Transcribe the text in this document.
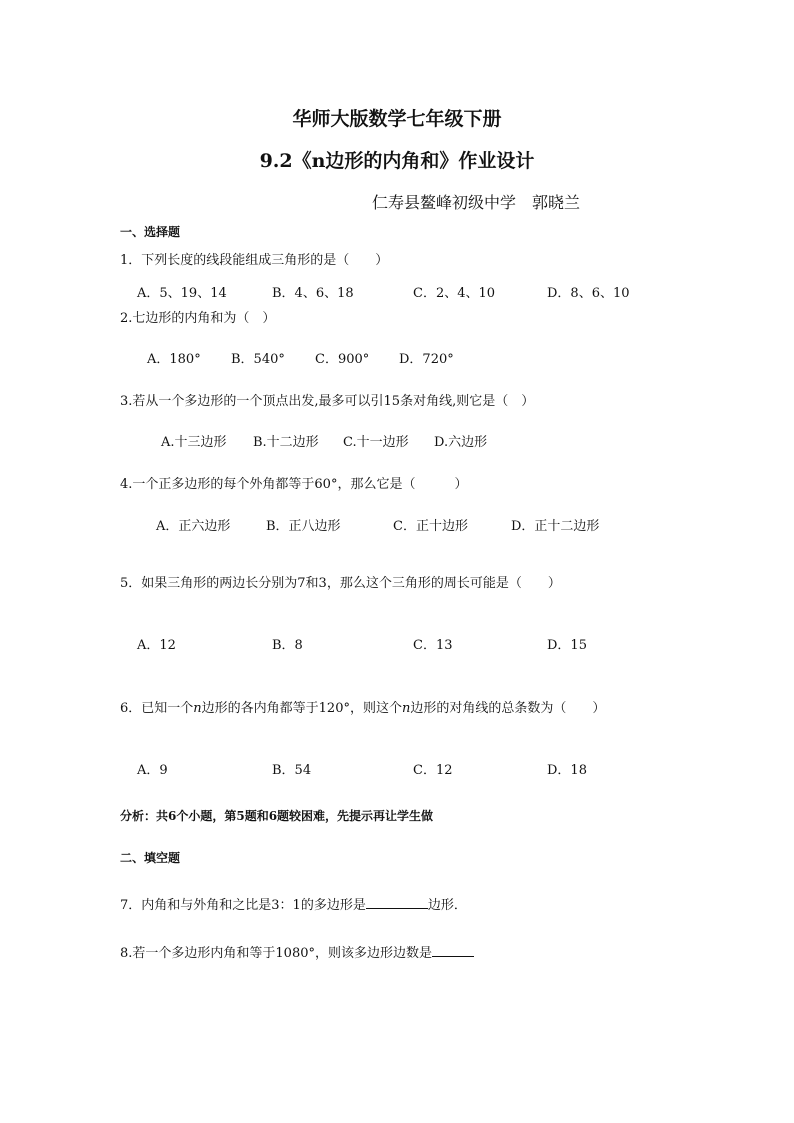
华师大版数学七年级下册
9.2《n边形的内角和》作业设计
仁寿县鳌峰初级中学　郭晓兰
一、选择题
1．下列长度的线段能组成三角形的是（　　）
A．5、19、14	B．4、6、18	C．2、4、10	D．8、6、10
2.七边形的内角和为（　）
A．180° B．540° C．900° D．720°
3.若从一个多边形的一个顶点出发,最多可以引15条对角线,则它是（　）
A.十三边形 B.十二边形 C.十一边形 D.六边形
4.一个正多边形的每个外角都等于60°，那么它是（　　　）
A．正六边形	B．正八边形	C．正十边形	D．正十二边形
5．如果三角形的两边长分别为7和3，那么这个三角形的周长可能是（　　）
A．12	B．8	C．13	D．15
6．已知一个n边形的各内角都等于120°，则这个n边形的对角线的总条数为（　　）
A．9	B．54	C．12	D．18
分析：共6个小题，第5题和6题较困难，先提示再让学生做
二、填空题
7．内角和与外角和之比是3：1的多边形是	边形．
8.若一个多边形内角和等于1080°，则该多边形边数是
